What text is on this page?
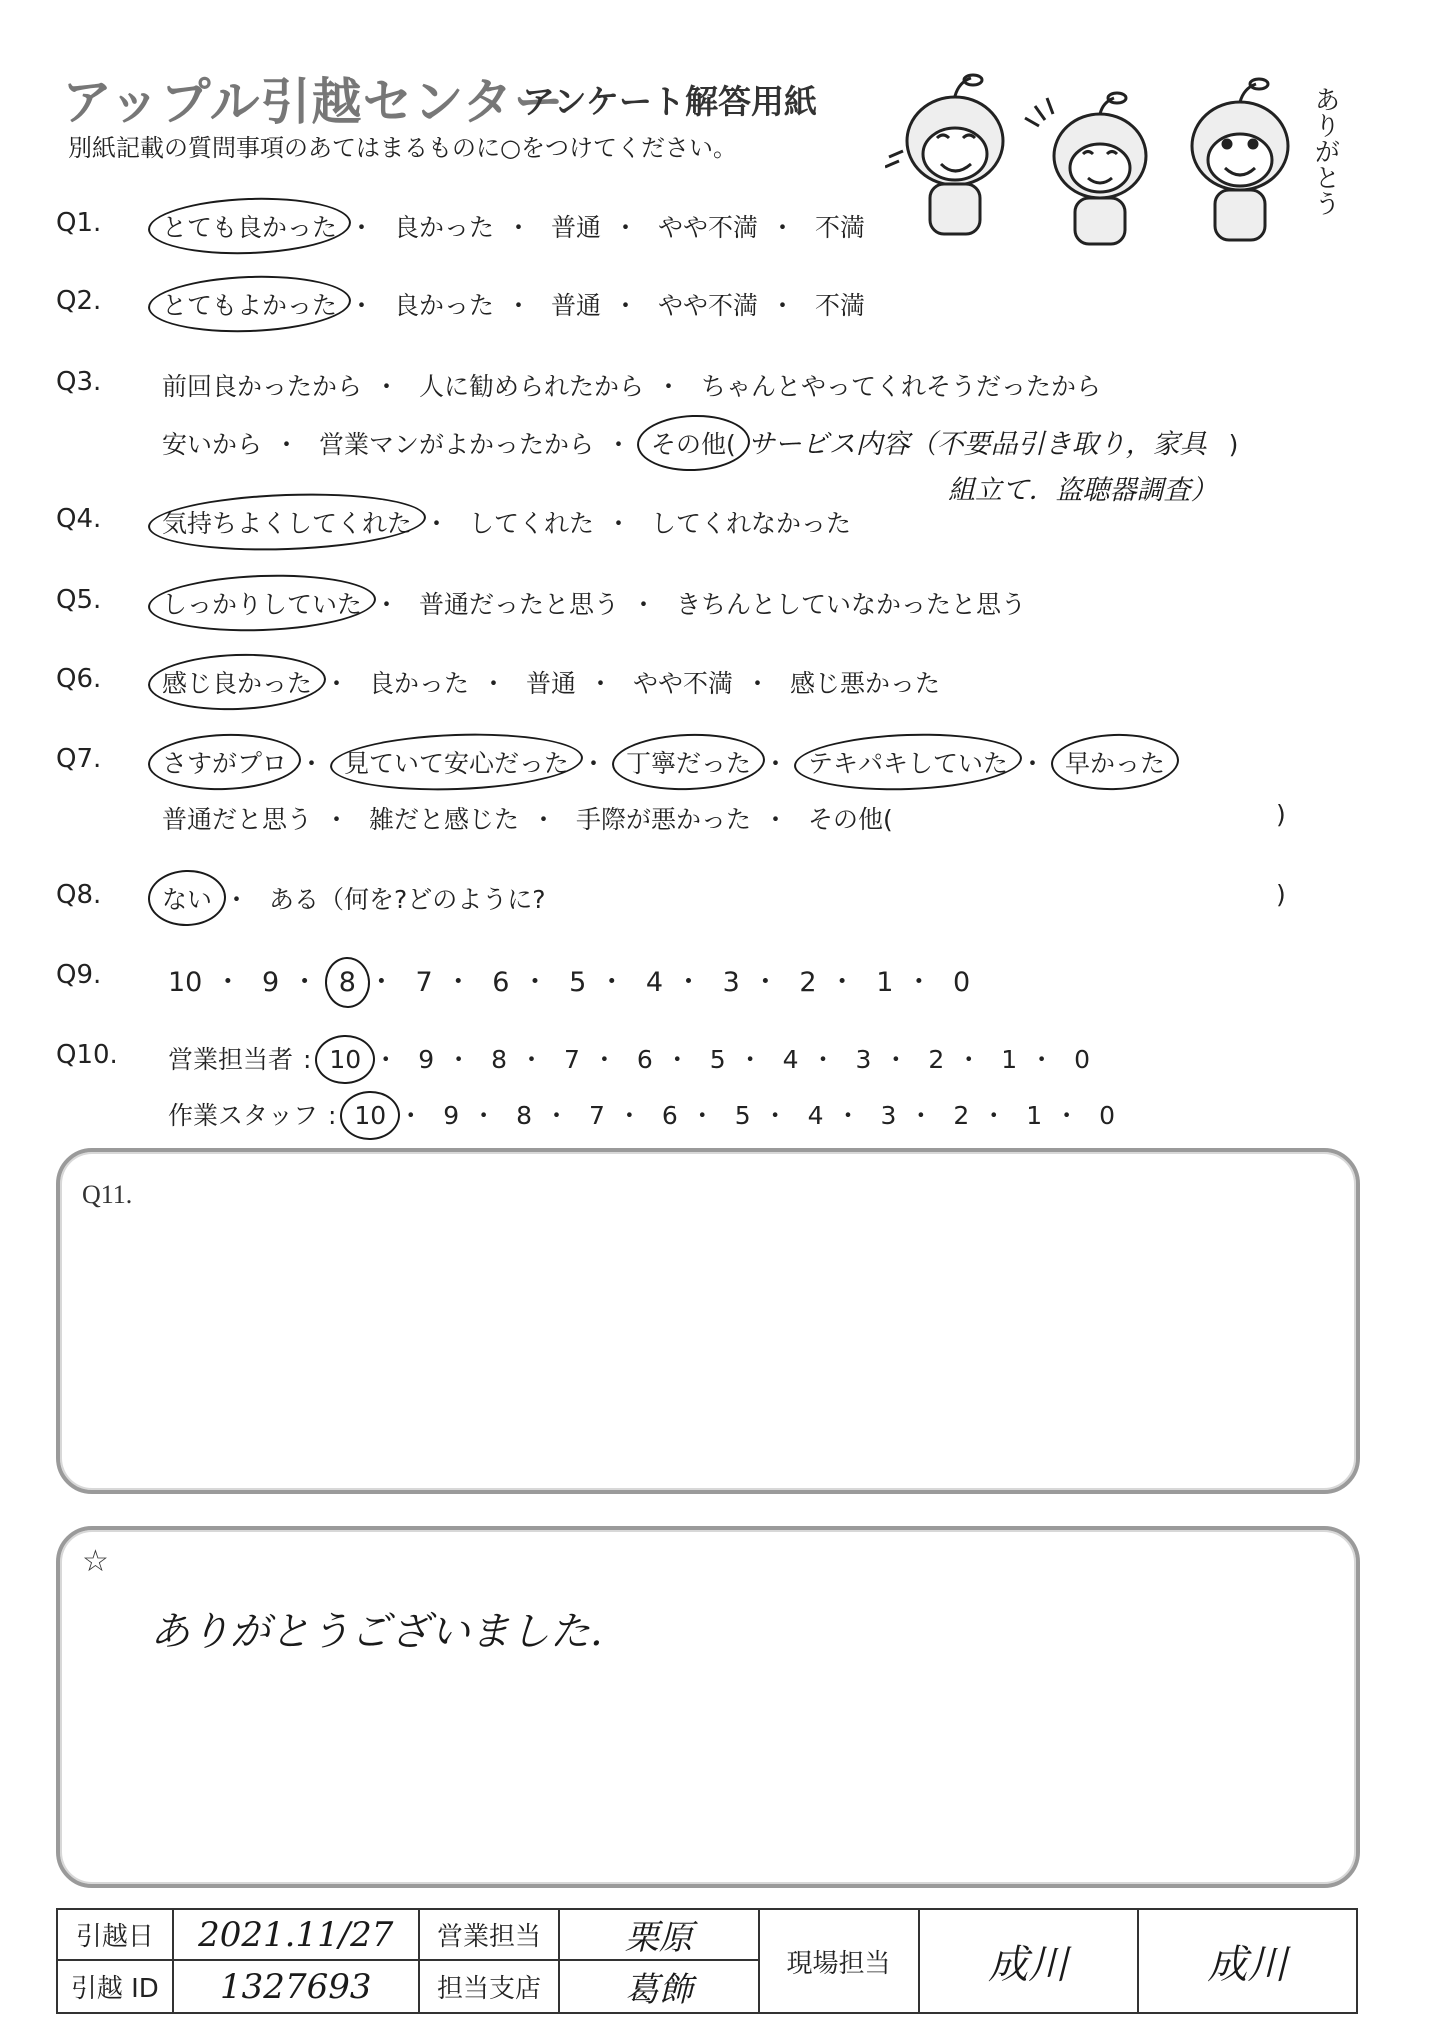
アップル引越センター
アンケート解答用紙
別紙記載の質問事項のあてはまるものに○をつけてください。	ありがとう
Q1. とても良かった ・ 良かった ・ 普通 ・ やや不満 ・ 不満
Q2. とてもよかった ・ 良かった ・ 普通 ・ やや不満 ・ 不満
Q3. 前回良かったから ・ 人に勧められたから ・ ちゃんとやってくれそうだったから
安いから ・ 営業マンがよかったから ・ その他( サービス内容（不要品引き取り，家具 )
組立て．盗聴器調査）
Q4. 気持ちよくしてくれた ・ してくれた ・ してくれなかった
Q5. しっかりしていた ・ 普通だったと思う ・ きちんとしていなかったと思う
Q6. 感じ良かった ・ 良かった ・ 普通 ・ やや不満 ・ 感じ悪かった
Q7. さすがプロ ・ 見ていて安心だった ・ 丁寧だった ・ テキパキしていた ・ 早かった
普通だと思う ・ 雑だと感じた ・ 手際が悪かった ・ その他(	)
Q8. ない ・ ある（何を?どのように?	)
Q9. 10 ・ 9 ・ 8 ・ 7 ・ 6 ・ 5 ・ 4 ・ 3 ・ 2 ・ 1 ・ 0
Q10. 営業担当者 : 10 ・ 9 ・ 8 ・ 7 ・ 6 ・ 5 ・ 4 ・ 3 ・ 2 ・ 1 ・ 0
作業スタッフ : 10 ・ 9 ・ 8 ・ 7 ・ 6 ・ 5 ・ 4 ・ 3 ・ 2 ・ 1 ・ 0
Q11.
☆
ありがとうございました.
引越日	2021.11/27	営業担当	栗原	現場担当	成川	成川
引越 ID	1327693	担当支店	葛飾			
